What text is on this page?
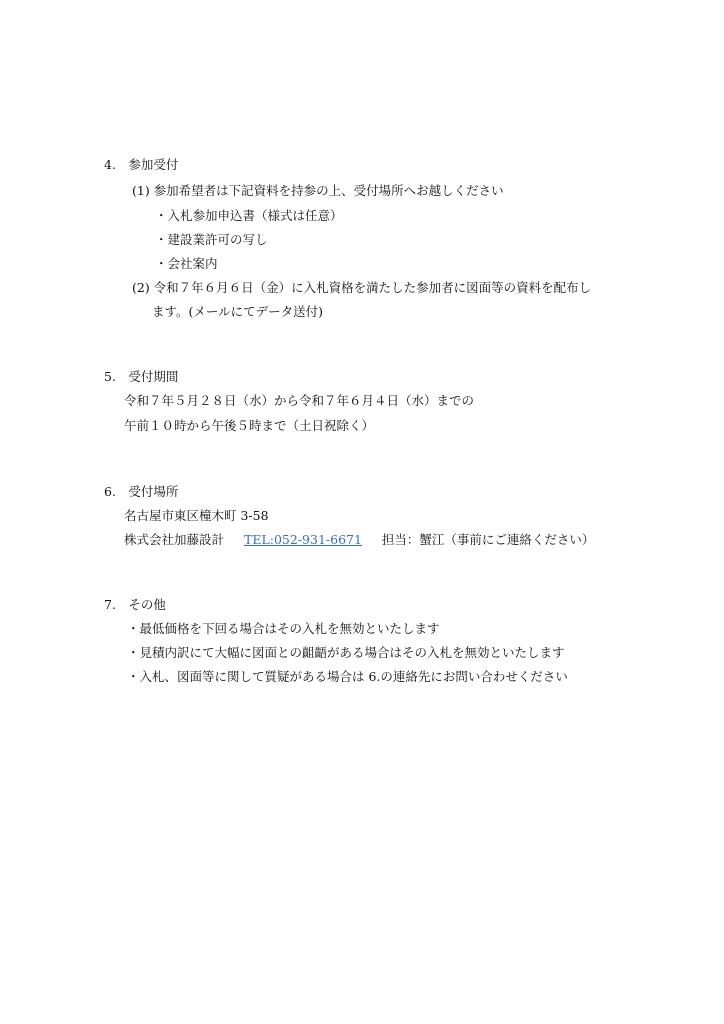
4.　参加受付
(1) 参加希望者は下記資料を持参の上、受付場所へお越しください
・入札参加申込書（様式は任意）
・建設業許可の写し
・会社案内
(2) 令和７年６月６日（金）に入札資格を満たした参加者に図面等の資料を配布し
ます。(メールにてデータ送付)
5.　受付期間
令和７年５月２８日（水）から令和７年６月４日（水）までの
午前１０時から午後５時まで（土日祝除く）
6.　受付場所
名古屋市東区橦木町 3-58
株式会社加藤設計 TEL:052-931-6671 担当：蟹江（事前にご連絡ください）
7.　その他
・最低価格を下回る場合はその入札を無効といたします
・見積内訳にて大幅に図面との齟齬がある場合はその入札を無効といたします
・入札、図面等に関して質疑がある場合は 6.の連絡先にお問い合わせください
